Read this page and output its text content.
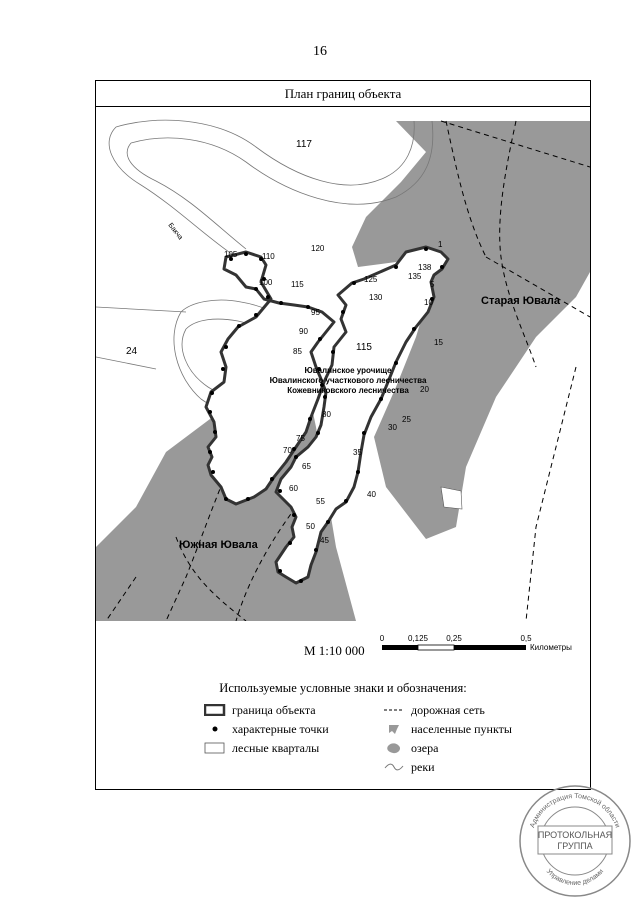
16
План границ объекта
117
24	115
Старая Ювала
Южная Ювала
Бакча
Ювалинское урочище
Ювалинского участкового лесничества
Кожевниковского лесничества
105	110
120
100 115
125
130
135
138
1
5
10
95
90
85
15
20
25
80
30
75
35
70
65
60
55
40
50
45
М 1:10 000
0	0,125 0,25	0,5
Километры
Используемые условные знаки и обозначения:
граница объекта
характерные точки
лесные кварталы
дорожная сеть
населенные пункты
озера
реки
Администрация Томской области
Управление делами
ПРОТОКОЛЬНАЯ
ГРУППА
